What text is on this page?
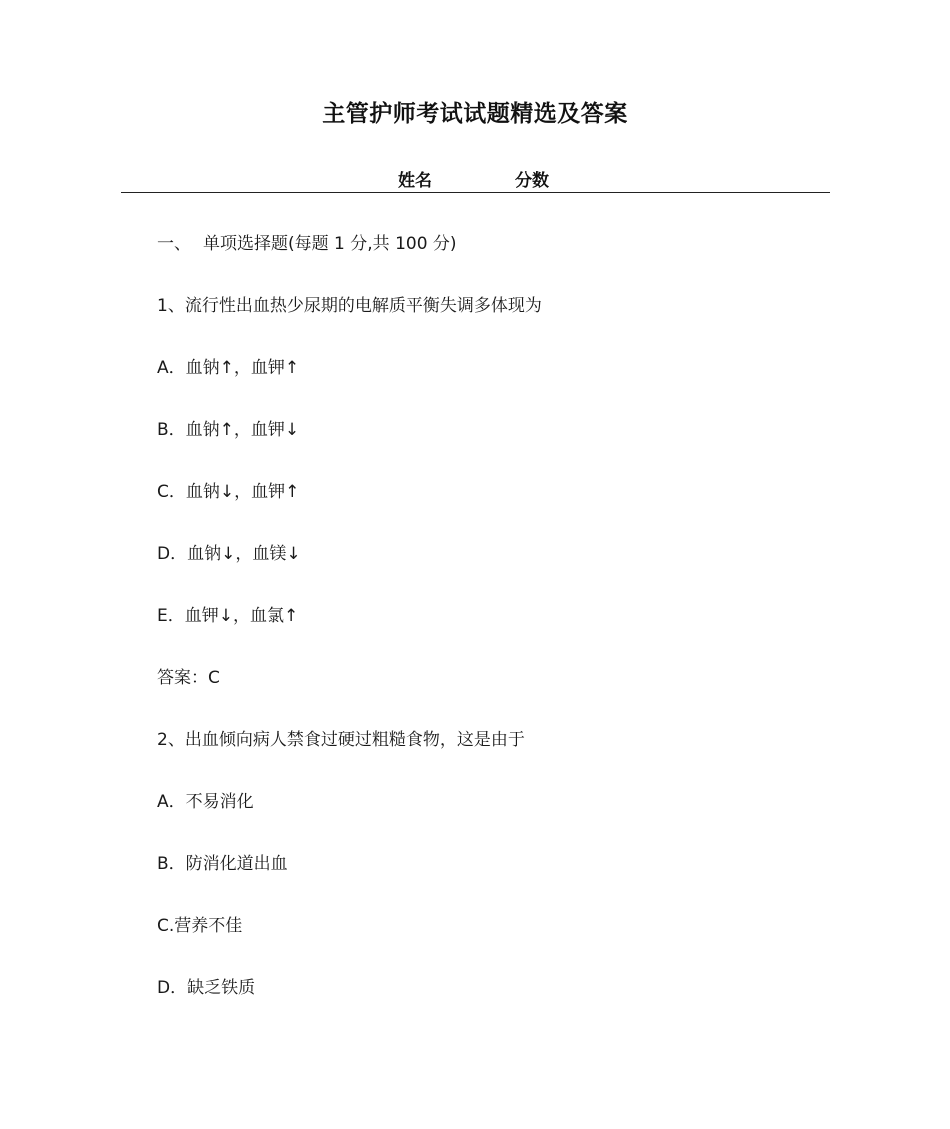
主管护师考试试题精选及答案
姓名	分数
一、 单项选择题(每题 1 分,共 100 分)
1、流行性出血热少尿期的电解质平衡失调多体现为
A．血钠↑，血钾↑
B．血钠↑，血钾↓
C．血钠↓，血钾↑
D．血钠↓，血镁↓
E．血钾↓，血氯↑
答案：C
2、出血倾向病人禁食过硬过粗糙食物，这是由于
A．不易消化
B．防消化道出血
C.营养不佳
D．缺乏铁质
